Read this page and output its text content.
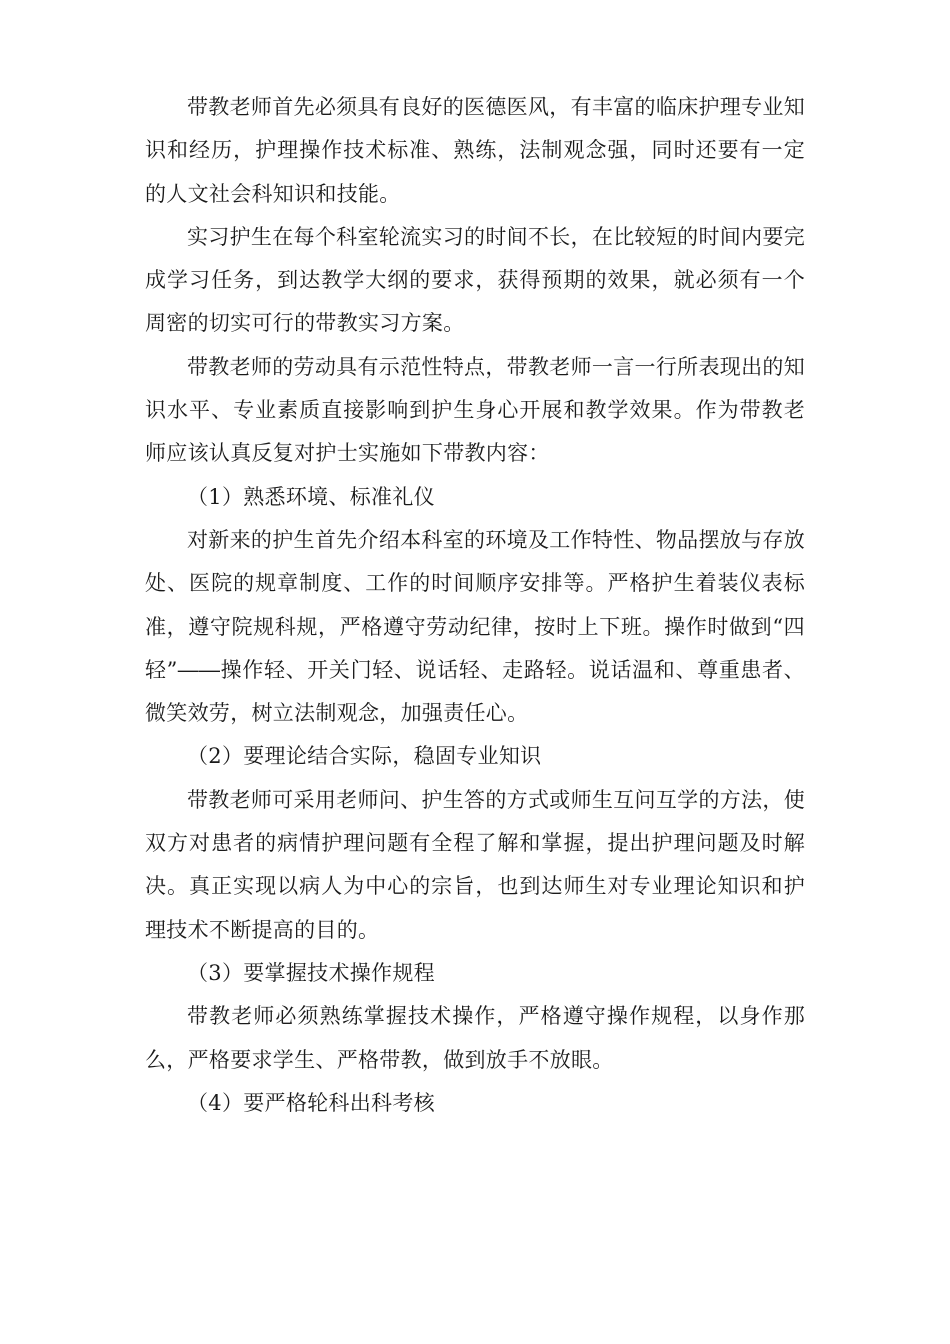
带教老师首先必须具有良好的医德医风，有丰富的临床护理专业知识和经历，护理操作技术标准、熟练，法制观念强，同时还要有一定的人文社会科知识和技能。

实习护生在每个科室轮流实习的时间不长，在比较短的时间内要完成学习任务，到达教学大纲的要求，获得预期的效果，就必须有一个周密的切实可行的带教实习方案。

带教老师的劳动具有示范性特点，带教老师一言一行所表现出的知识水平、专业素质直接影响到护生身心开展和教学效果。作为带教老师应该认真反复对护士实施如下带教内容：

（1）熟悉环境、标准礼仪

对新来的护生首先介绍本科室的环境及工作特性、物品摆放与存放处、医院的规章制度、工作的时间顺序安排等。严格护生着装仪表标准，遵守院规科规，严格遵守劳动纪律，按时上下班。操作时做到“四轻”――操作轻、开关门轻、说话轻、走路轻。说话温和、尊重患者、微笑效劳，树立法制观念，加强责任心。

（2）要理论结合实际，稳固专业知识

带教老师可采用老师问、护生答的方式或师生互问互学的方法，使双方对患者的病情护理问题有全程了解和掌握，提出护理问题及时解决。真正实现以病人为中心的宗旨，也到达师生对专业理论知识和护理技术不断提高的目的。

（3）要掌握技术操作规程

带教老师必须熟练掌握技术操作，严格遵守操作规程，以身作那么，严格要求学生、严格带教，做到放手不放眼。

（4）要严格轮科出科考核
